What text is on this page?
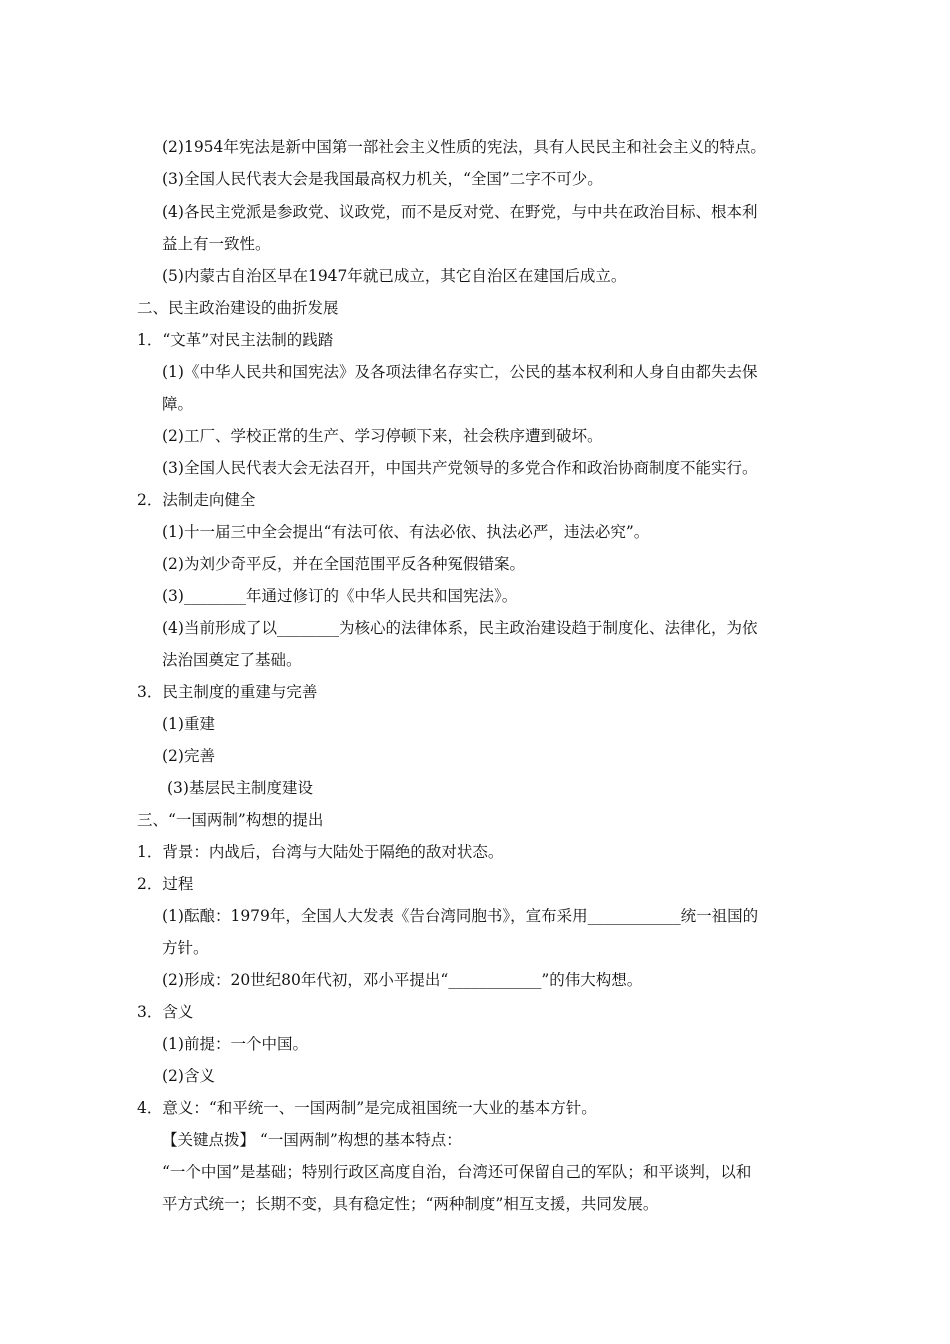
(2)1954年宪法是新中国第一部社会主义性质的宪法，具有人民民主和社会主义的特点。
(3)全国人民代表大会是我国最高权力机关，“全国”二字不可少。
(4)各民主党派是参政党、议政党，而不是反对党、在野党，与中共在政治目标、根本利
益上有一致性。
(5)内蒙古自治区早在1947年就已成立，其它自治区在建国后成立。
二、民主政治建设的曲折发展
1．“文革”对民主法制的践踏
(1)《中华人民共和国宪法》及各项法律名存实亡，公民的基本权利和人身自由都失去保
障。
(2)工厂、学校正常的生产、学习停顿下来，社会秩序遭到破坏。
(3)全国人民代表大会无法召开，中国共产党领导的多党合作和政治协商制度不能实行。
2．法制走向健全
(1)十一届三中全会提出“有法可依、有法必依、执法必严，违法必究”。
(2)为刘少奇平反，并在全国范围平反各种冤假错案。
(3)________年通过修订的《中华人民共和国宪法》。
(4)当前形成了以________为核心的法律体系，民主政治建设趋于制度化、法律化，为依
法治国奠定了基础。
3．民主制度的重建与完善
(1)重建
(2)完善
(3)基层民主制度建设
三、“一国两制”构想的提出
1．背景：内战后，台湾与大陆处于隔绝的敌对状态。
2．过程
(1)酝酿：1979年，全国人大发表《告台湾同胞书》，宣布采用____________统一祖国的
方针。
(2)形成：20世纪80年代初，邓小平提出“____________”的伟大构想。
3．含义
(1)前提：一个中国。
(2)含义
4．意义：“和平统一、一国两制”是完成祖国统一大业的基本方针。
【关键点拨】 “一国两制”构想的基本特点：
“一个中国”是基础；特别行政区高度自治，台湾还可保留自己的军队；和平谈判，以和
平方式统一；长期不变，具有稳定性；“两种制度”相互支援，共同发展。
